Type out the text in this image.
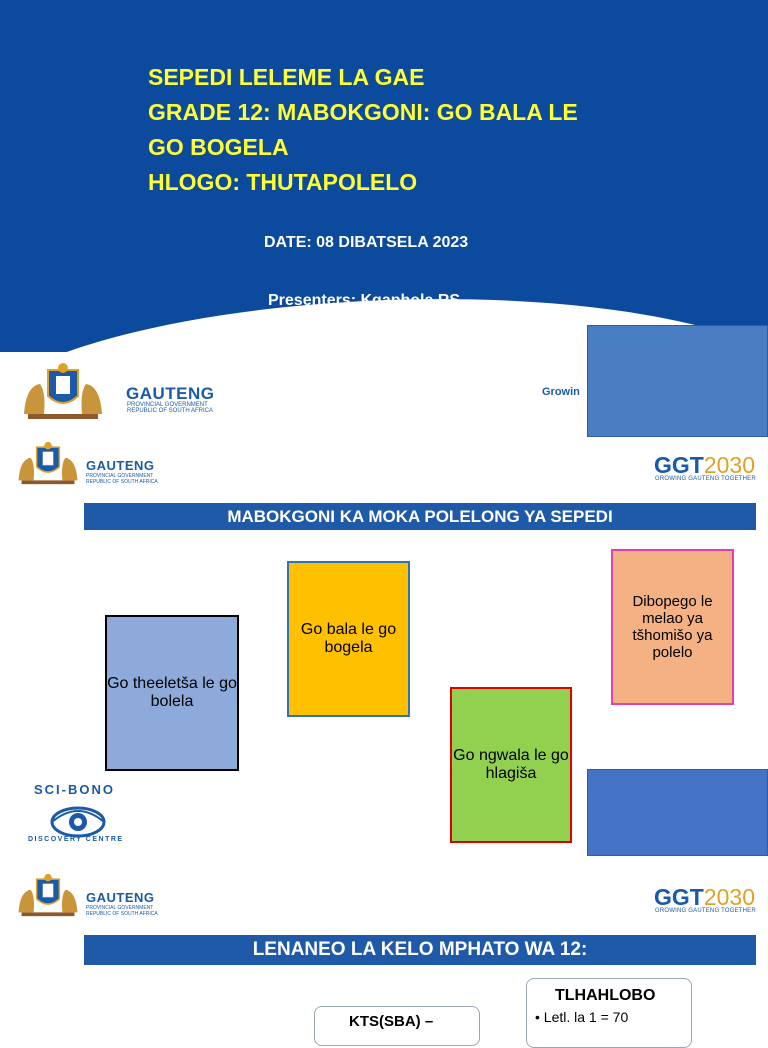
SEPEDI LELEME LA GAE
GRADE 12: MABOKGONI: GO BALA LE
GO BOGELA
HLOGO: THUTAPOLELO
DATE: 08 DIBATSELA 2023
Presenters: Kgaphola RS
Kekae MJ
GAUTENG
PROVINCIAL GOVERNMENT
REPUBLIC OF SOUTH AFRICA
Growin
GAUTENG
PROVINCIAL GOVERNMENT
REPUBLIC OF SOUTH AFRICA
GGT2030
GROWING GAUTENG TOGETHER
MABOKGONI KA MOKA POLELONG YA SEPEDI
Go theeletša le go bolela
Go bala le go bogela
Go ngwala le go hlagiša
Dibopego le melao ya tšhomišo ya polelo
SCI-BONO
DISCOVERY CENTRE
GAUTENG
PROVINCIAL GOVERNMENT
REPUBLIC OF SOUTH AFRICA
GGT2030
GROWING GAUTENG TOGETHER
LENANEO LA KELO MPHATO WA 12:
KTS(SBA) –
TLHAHLOBO
• Letl. la 1 = 70
